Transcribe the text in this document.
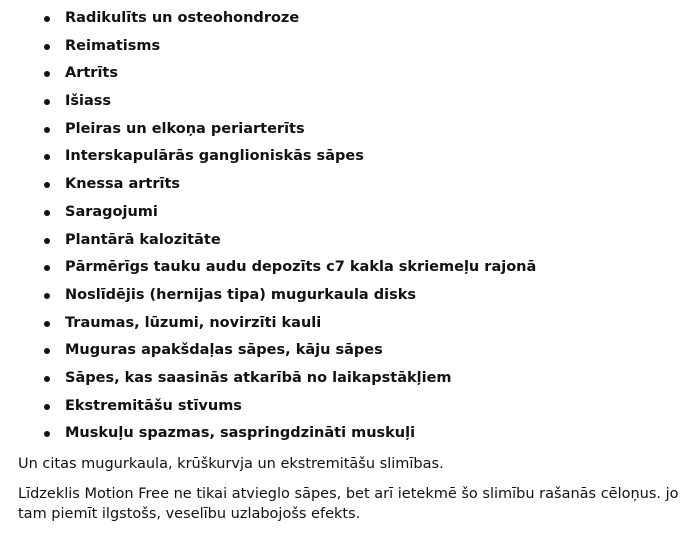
Radikulīts un osteohondroze
Reimatisms
Artrīts
Išiass
Pleiras un elkoņa periarterīts
Interskapulārās ganglioniskās sāpes
Knessa artrīts
Saragojumi
Plantārā kalozitāte
Pārmērīgs tauku audu depozīts c7 kakla skriemeļu rajonā
Noslīdējis (hernijas tipa) mugurkaula disks
Traumas, lūzumi, novirzīti kauli
Muguras apakšdaļas sāpes, kāju sāpes
Sāpes, kas saasinās atkarībā no laikapstākļiem
Ekstremitāšu stīvums
Muskuļu spazmas, saspringdzināti muskuļi

Un citas mugurkaula, krūškurvja un ekstremitāšu slimības.

Līdzeklis Motion Free ne tikai atvieglo sāpes, bet arī ietekmē šo slimību rašanās cēloņus. jo tam piemīt ilgstošs, veselību uzlabojošs efekts.
